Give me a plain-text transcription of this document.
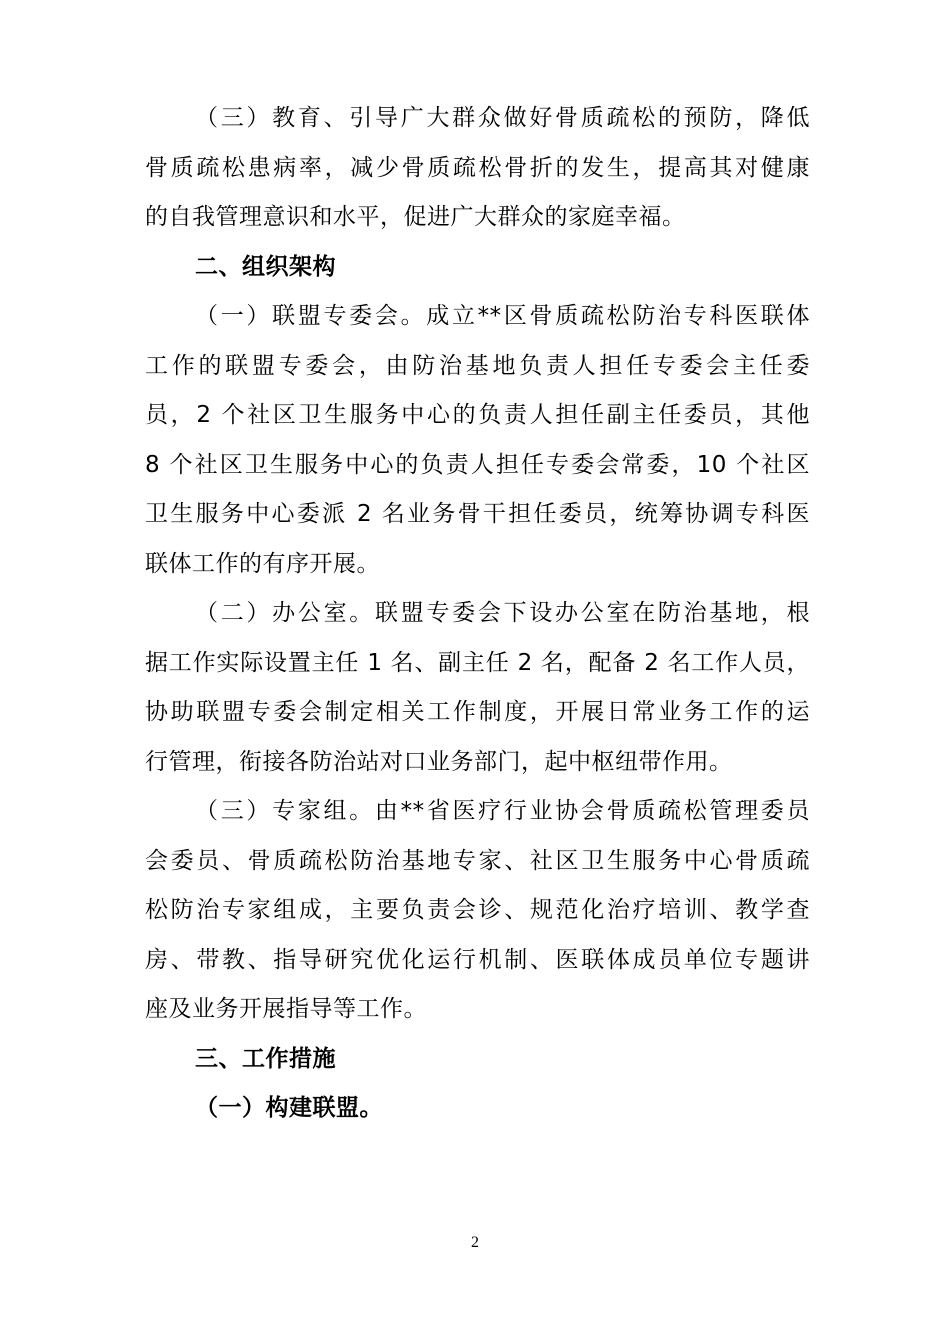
（三）教育、引导广大群众做好骨质疏松的预防，降低
骨质疏松患病率，减少骨质疏松骨折的发生，提高其对健康
的自我管理意识和水平，促进广大群众的家庭幸福。
二、组织架构
（一）联盟专委会。成立**区骨质疏松防治专科医联体
工作的联盟专委会，由防治基地负责人担任专委会主任委
员，2 个社区卫生服务中心的负责人担任副主任委员，其他
8 个社区卫生服务中心的负责人担任专委会常委，10 个社区
卫生服务中心委派 2 名业务骨干担任委员，统筹协调专科医
联体工作的有序开展。
（二）办公室。联盟专委会下设办公室在防治基地，根
据工作实际设置主任 1 名、副主任 2 名，配备 2 名工作人员，
协助联盟专委会制定相关工作制度，开展日常业务工作的运
行管理，衔接各防治站对口业务部门，起中枢纽带作用。
（三）专家组。由**省医疗行业协会骨质疏松管理委员
会委员、骨质疏松防治基地专家、社区卫生服务中心骨质疏
松防治专家组成，主要负责会诊、规范化治疗培训、教学查
房、带教、指导研究优化运行机制、医联体成员单位专题讲
座及业务开展指导等工作。
三、工作措施
（一）构建联盟。
2
